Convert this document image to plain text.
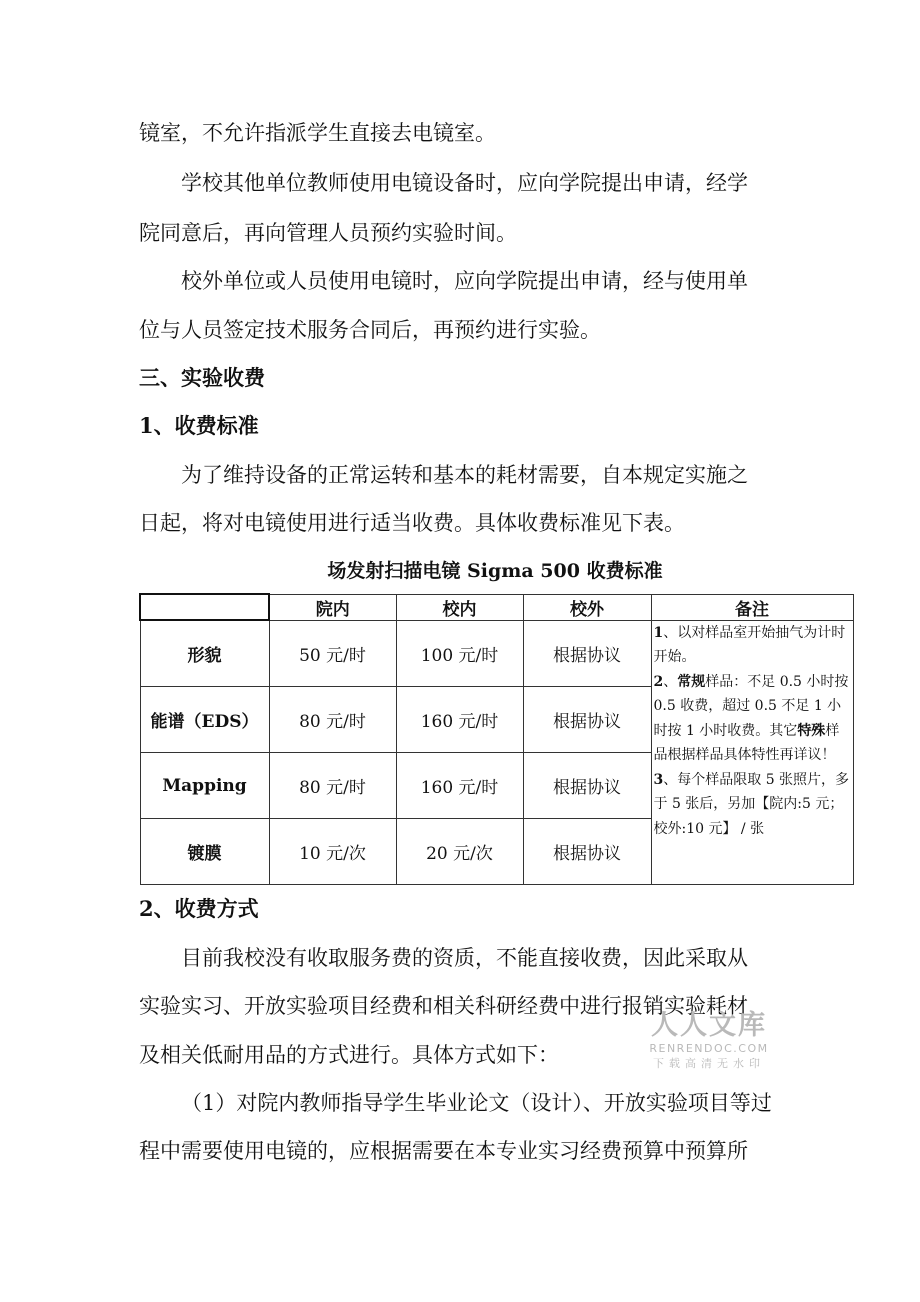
镜室，不允许指派学生直接去电镜室。

学校其他单位教师使用电镜设备时，应向学院提出申请，经学

院同意后，再向管理人员预约实验时间。

校外单位或人员使用电镜时，应向学院提出申请，经与使用单

位与人员签定技术服务合同后，再预约进行实验。

三、实验收费

1、收费标准

为了维持设备的正常运转和基本的耗材需要，自本规定实施之

日起，将对电镜使用进行适当收费。具体收费标准见下表。

场发射扫描电镜 Sigma 500 收费标准

	院内	校内	校外	备注
形貌	50 元/时	100 元/时	根据协议	1、以对样品室开始抽气为计时开始。
2、常规样品：不足 0.5 小时按 0.5 收费，超过 0.5 不足 1 小时按 1 小时收费。其它特殊样品根据样品具体特性再详议！
3、每个样品限取 5 张照片，多于 5 张后，另加【院内:5 元；校外:10 元】 / 张
能谱（EDS）	80 元/时	160 元/时	根据协议	
Mapping	80 元/时	160 元/时	根据协议	
镀膜	10 元/次	20 元/次	根据协议	

2、收费方式

目前我校没有收取服务费的资质，不能直接收费，因此采取从

实验实习、开放实验项目经费和相关科研经费中进行报销实验耗材

及相关低耐用品的方式进行。具体方式如下：

（1）对院内教师指导学生毕业论文（设计）、开放实验项目等过

程中需要使用电镜的，应根据需要在本专业实习经费预算中预算所

人人文库
RENRENDOC.COM
下载高清无水印
